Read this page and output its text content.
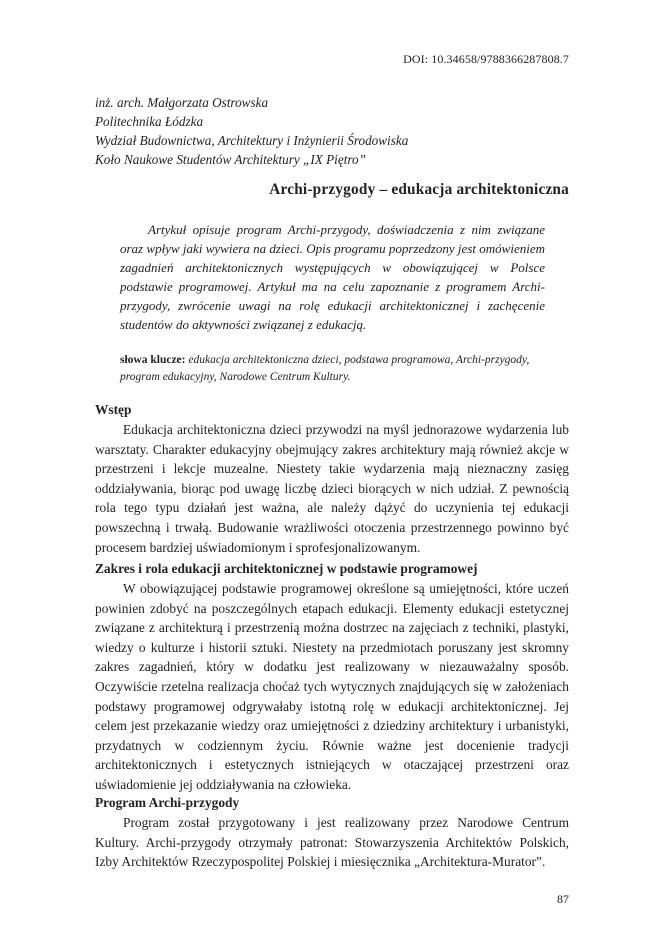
DOI: 10.34658/9788366287808.7
inż. arch. Małgorzata Ostrowska
Politechnika Łódzka
Wydział Budownictwa, Architektury i Inżynierii Środowiska
Koło Naukowe Studentów Architektury „IX Piętro”
Archi-przygody – edukacja architektoniczna

Artykuł opisuje program Archi-przygody, doświadczenia z nim związane oraz wpływ jaki wywiera na dzieci. Opis programu poprzedzony jest omówieniem zagadnień architektonicznych występujących w obowiązującej w Polsce podstawie programowej. Artykuł ma na celu zapoznanie z programem Archi-przygody, zwrócenie uwagi na rolę edukacji architektonicznej i zachęcenie studentów do aktywności związanej z edukacją.

słowa klucze: edukacja architektoniczna dzieci, podstawa programowa, Archi-przygody, program edukacyjny, Narodowe Centrum Kultury.
Wstęp

Edukacja architektoniczna dzieci przywodzi na myśl jednorazowe wydarzenia lub warsztaty. Charakter edukacyjny obejmujący zakres architektury mają również akcje w przestrzeni i lekcje muzealne. Niestety takie wydarzenia mają nieznaczny zasięg oddziaływania, biorąc pod uwagę liczbę dzieci biorących w nich udział. Z pewnością rola tego typu działań jest ważna, ale należy dążyć do uczynienia tej edukacji powszechną i trwałą. Budowanie wrażliwości otoczenia przestrzennego powinno być procesem bardziej uświadomionym i sprofesjonalizowanym.

Zakres i rola edukacji architektonicznej w podstawie programowej

W obowiązującej podstawie programowej określone są umiejętności, które uczeń powinien zdobyć na poszczególnych etapach edukacji. Elementy edukacji estetycznej związane z architekturą i przestrzenią można dostrzec na zajęciach z techniki, plastyki, wiedzy o kulturze i historii sztuki. Niestety na przedmiotach poruszany jest skromny zakres zagadnień, który w dodatku jest realizowany w niezauważalny sposób. Oczywiście rzetelna realizacja choćaż tych wytycznych znajdujących się w założeniach podstawy programowej odgrywałaby istotną rolę w edukacji architektonicznej. Jej celem jest przekazanie wiedzy oraz umiejętności z dziedziny architektury i urbanistyki, przydatnych w codziennym życiu. Równie ważne jest docenienie tradycji architektonicznych i estetycznych istniejących w otaczającej przestrzeni oraz uświadomienie jej oddziaływania na człowieka.

Program Archi-przygody

Program został przygotowany i jest realizowany przez Narodowe Centrum Kultury. Archi-przygody otrzymały patronat: Stowarzyszenia Architektów Polskich, Izby Architektów Rzeczypospolitej Polskiej i miesięcznika „Architektura-Murator”.

87
